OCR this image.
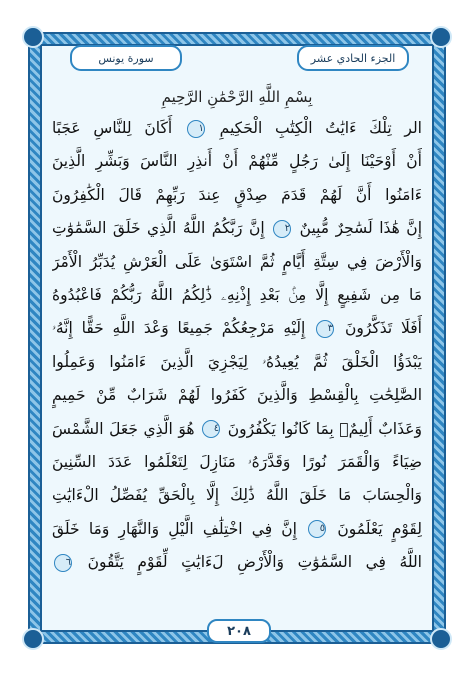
الجزء الحادي عشر
سورة يونس
بِسْمِ اللَّهِ الرَّحْمَٰنِ الرَّحِيمِ
الر تِلْكَ ءَايَٰتُ الْكِتَٰبِ الْحَكِيمِ ١ أَكَانَ لِلنَّاسِ عَجَبًا
أَنْ أَوْحَيْنَا إِلَىٰ رَجُلٍ مِّنْهُمْ أَنْ أَنذِرِ النَّاسَ وَبَشِّرِ الَّذِينَ
ءَامَنُوا أَنَّ لَهُمْ قَدَمَ صِدْقٍ عِندَ رَبِّهِمْ قَالَ الْكَٰفِرُونَ
إِنَّ هَٰذَا لَسَٰحِرٌ مُّبِينٌ ٢ إِنَّ رَبَّكُمُ اللَّهُ الَّذِي خَلَقَ السَّمَٰوَٰتِ
وَالْأَرْضَ فِي سِتَّةِ أَيَّامٍ ثُمَّ اسْتَوَىٰ عَلَى الْعَرْشِ يُدَبِّرُ الْأَمْرَ
مَا مِن شَفِيعٍ إِلَّا مِنۢ بَعْدِ إِذْنِهِۦ ذَٰلِكُمُ اللَّهُ رَبُّكُمْ فَاعْبُدُوهُ
أَفَلَا تَذَكَّرُونَ ٣ إِلَيْهِ مَرْجِعُكُمْ جَمِيعًا وَعْدَ اللَّهِ حَقًّا إِنَّهُۥ
يَبْدَؤُا الْخَلْقَ ثُمَّ يُعِيدُهُۥ لِيَجْزِيَ الَّذِينَ ءَامَنُوا وَعَمِلُوا
الصَّٰلِحَٰتِ بِالْقِسْطِ وَالَّذِينَ كَفَرُوا لَهُمْ شَرَابٌ مِّنْ حَمِيمٍ
وَعَذَابٌ أَلِيمٌۢ بِمَا كَانُوا يَكْفُرُونَ ٤ هُوَ الَّذِي جَعَلَ الشَّمْسَ
ضِيَاءً وَالْقَمَرَ نُورًا وَقَدَّرَهُۥ مَنَازِلَ لِتَعْلَمُوا عَدَدَ السِّنِينَ
وَالْحِسَابَ مَا خَلَقَ اللَّهُ ذَٰلِكَ إِلَّا بِالْحَقِّ يُفَصِّلُ الْءَايَٰتِ
لِقَوْمٍ يَعْلَمُونَ ٥ إِنَّ فِي اخْتِلَٰفِ الَّيْلِ وَالنَّهَارِ وَمَا خَلَقَ
اللَّهُ فِي السَّمَٰوَٰتِ وَالْأَرْضِ لَءَايَٰتٍ لِّقَوْمٍ يَتَّقُونَ ٦
٢٠٨
